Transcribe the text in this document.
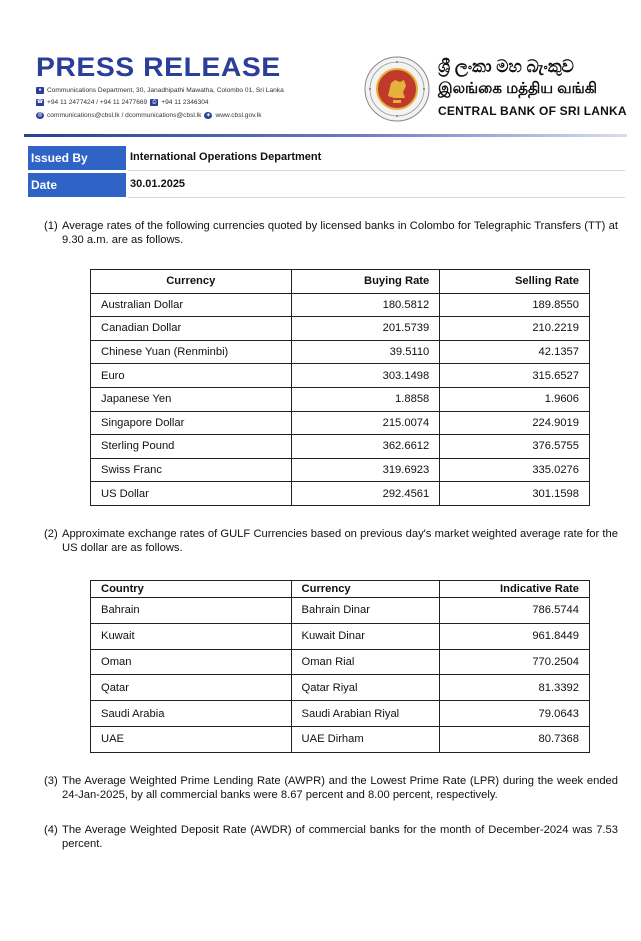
PRESS RELEASE
● Communications Department, 30, Janadhipathi Mawatha, Colombo 01, Sri Lanka
☎ +94 11 2477424 / +94 11 2477669 ⎙ +94 11 2346304
@ communications@cbsl.lk / dcommunications@cbsl.lk	◈ www.cbsl.gov.lk
ශ්‍රී ලංකා මහ බැංකුව
இலங்கை மத்திய வங்கி
CENTRAL BANK OF SRI LANKA
Issued By	International Operations Department
Date	30.01.2025
(1) Average rates of the following currencies quoted by licensed banks in Colombo for Telegraphic Transfers (TT) at 9.30 a.m. are as follows.
Currency	Buying Rate	Selling Rate
Australian Dollar	180.5812	189.8550
Canadian Dollar	201.5739	210.2219
Chinese Yuan (Renminbi)	39.5110	42.1357
Euro	303.1498	315.6527
Japanese Yen	1.8858	1.9606
Singapore Dollar	215.0074	224.9019
Sterling Pound	362.6612	376.5755
Swiss Franc	319.6923	335.0276
US Dollar	292.4561	301.1598
(2) Approximate exchange rates of GULF Currencies based on previous day's market weighted average rate for the US dollar are as follows.
Country	Currency	Indicative Rate
Bahrain	Bahrain Dinar	786.5744
Kuwait	Kuwait Dinar	961.8449
Oman	Oman Rial	770.2504
Qatar	Qatar Riyal	81.3392
Saudi Arabia	Saudi Arabian Riyal	79.0643
UAE	UAE Dirham	80.7368
(3) The Average Weighted Prime Lending Rate (AWPR) and the Lowest Prime Rate (LPR) during the week ended 24-Jan-2025, by all commercial banks were 8.67 percent and 8.00 percent, respectively.
(4) The Average Weighted Deposit Rate (AWDR) of commercial banks for the month of December-2024 was 7.53 percent.
